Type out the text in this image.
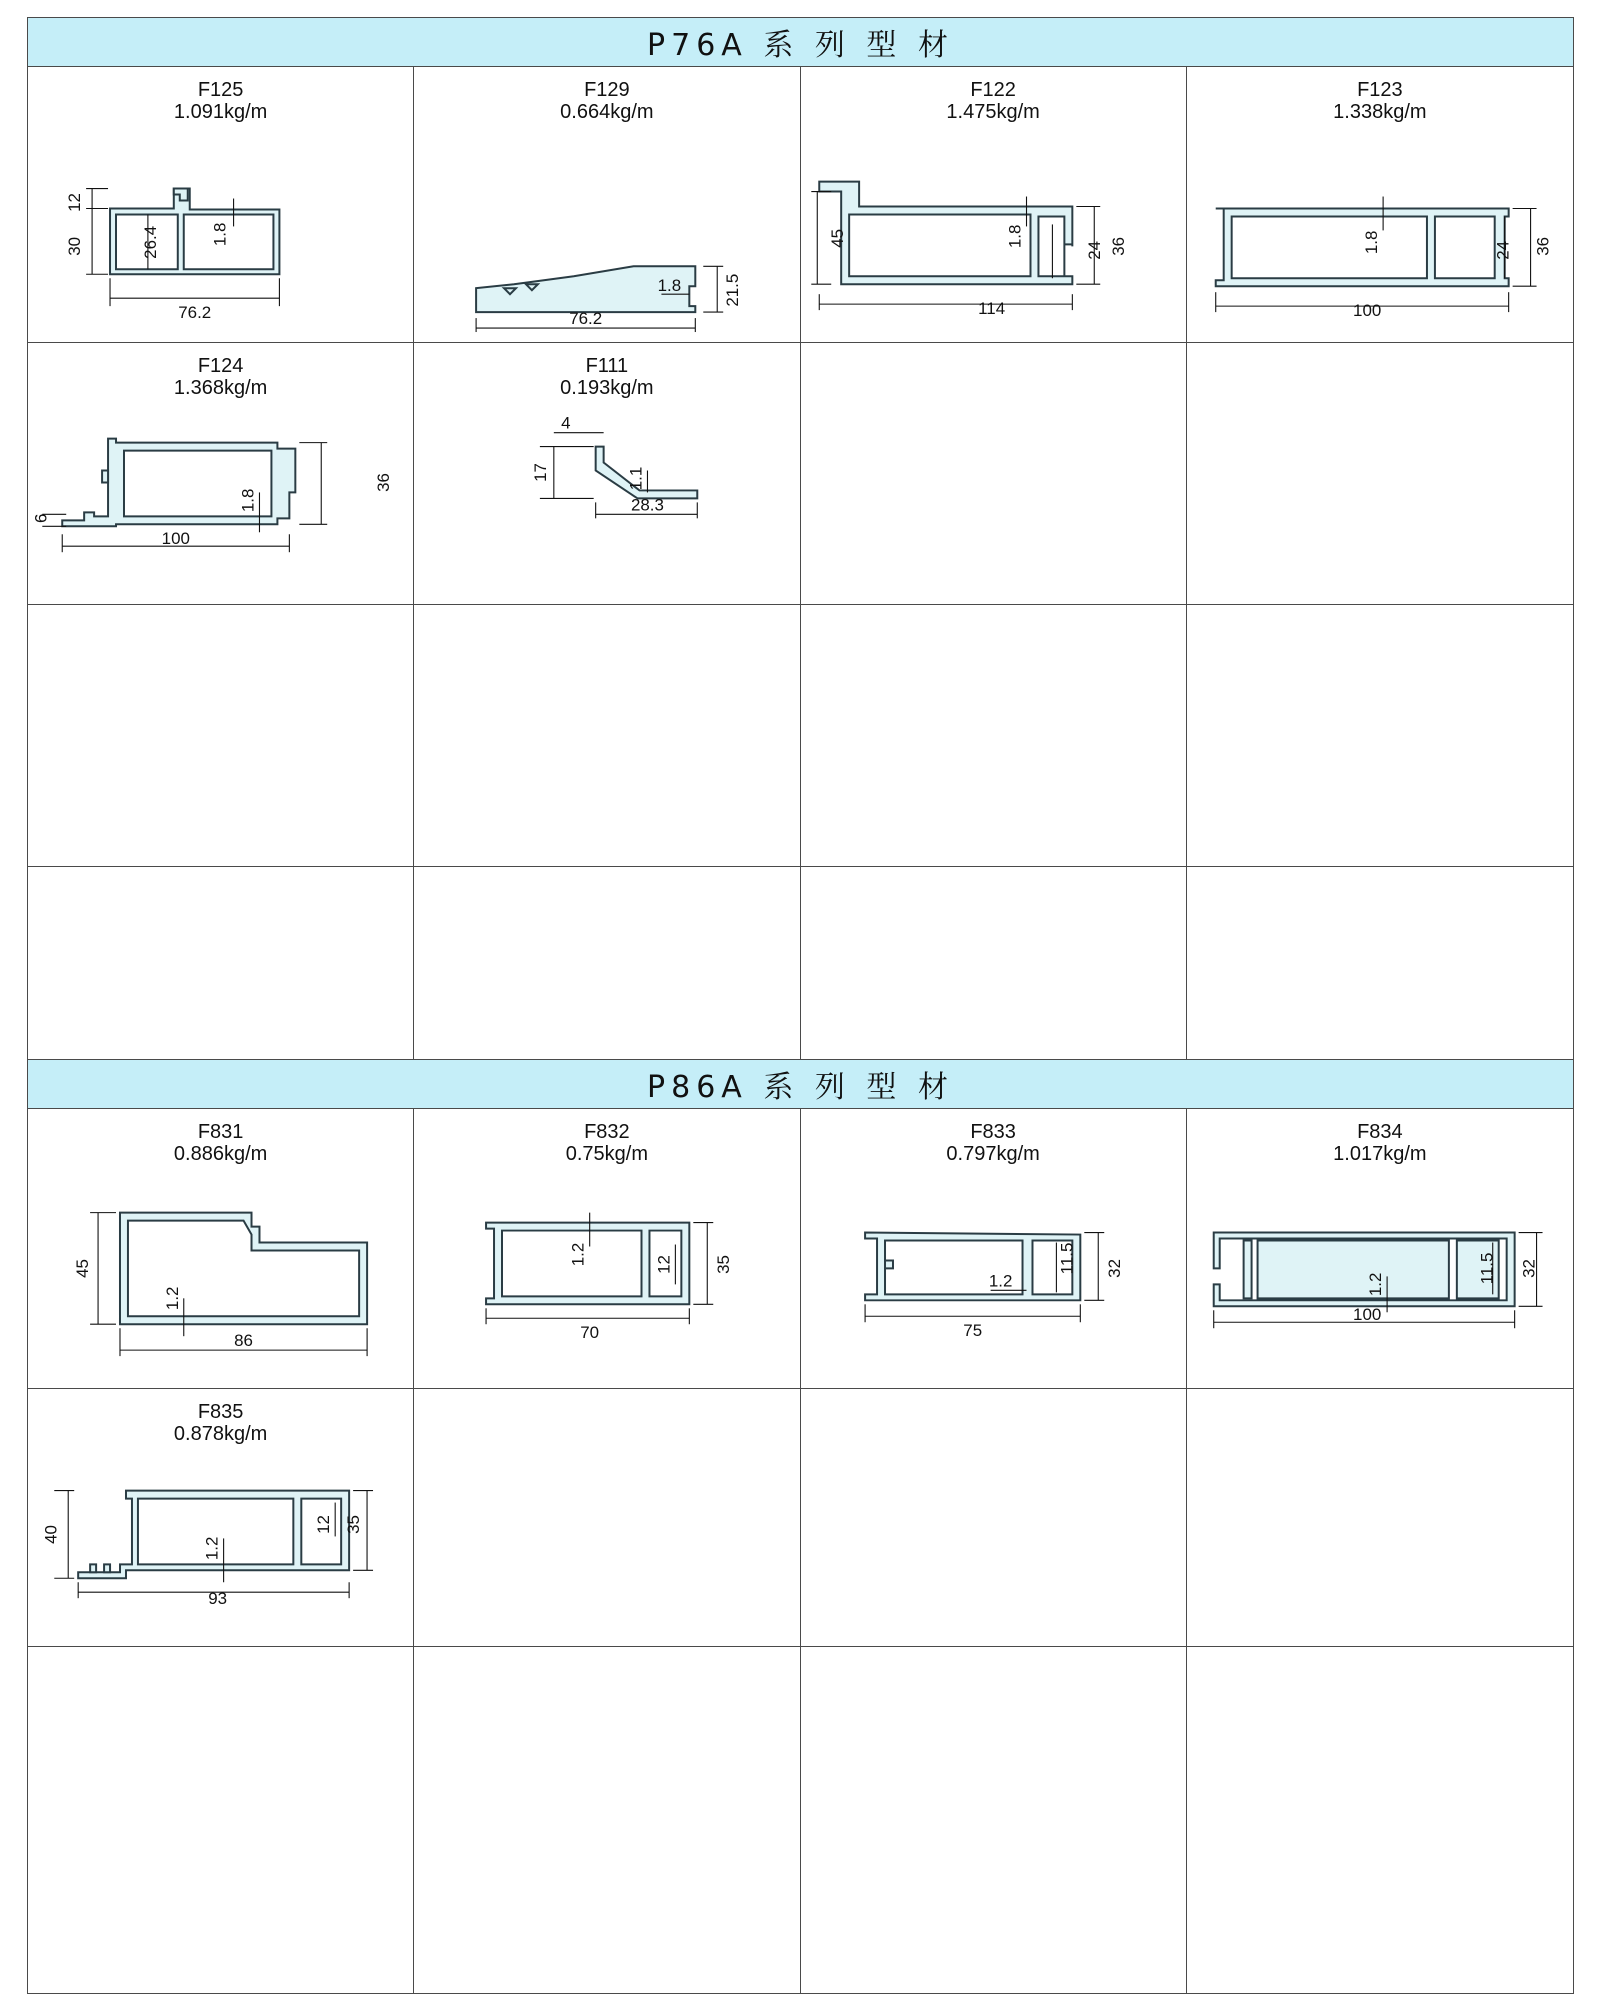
P76A 系 列 型 材
F125
1.091kg/m
12
30	26.4	1.8
76.2
F129
0.664kg/m
1.8 21.5
76.2
F122
1.475kg/m
45	1.8
24 36
114
F123
1.338kg/m
1.8	24 36
100
F124
1.368kg/m
6
1.8
36
100
F111
0.193kg/m
4
17	1.1
28.3
P86A 系 列 型 材
F831
0.886kg/m
45
1.2
86
F832
0.75kg/m
1.2	12 35
70
F833
0.797kg/m
11.5 32
1.2
75
F834
1.017kg/m
1.2
11.5 32
100
F835
0.878kg/m
40
1.2
12 35
93
